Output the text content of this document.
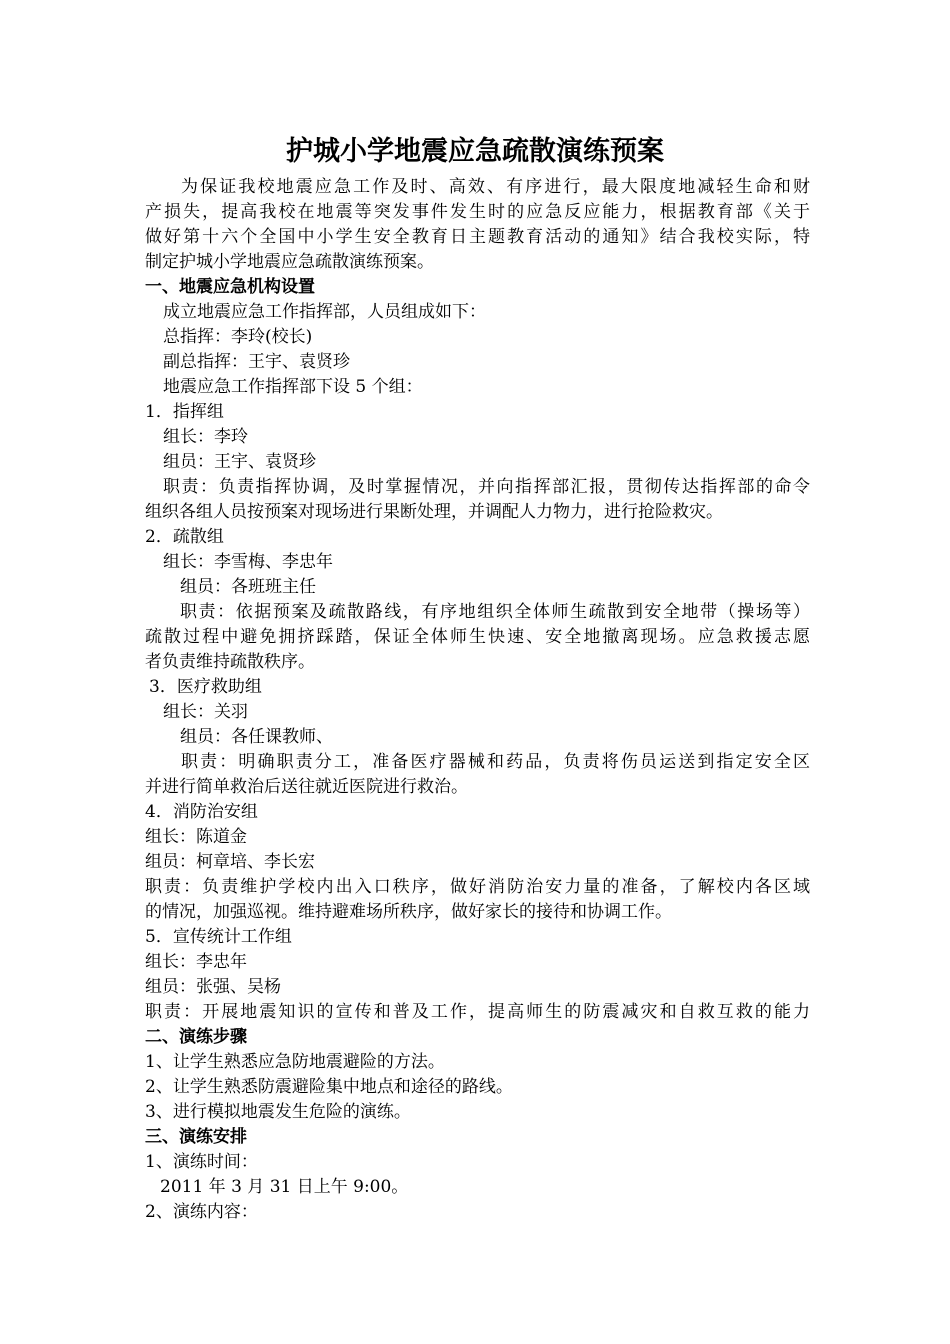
护城小学地震应急疏散演练预案
为保证我校地震应急工作及时、高效、有序进行，最大限度地减轻生命和财
产损失，提高我校在地震等突发事件发生时的应急反应能力，根据教育部《关于
做好第十六个全国中小学生安全教育日主题教育活动的通知》结合我校实际，特
制定护城小学地震应急疏散演练预案。
一、地震应急机构设置
成立地震应急工作指挥部，人员组成如下：
总指挥：李玲(校长)
副总指挥：王宇、袁贤珍
地震应急工作指挥部下设 5 个组：
1．指挥组
组长：李玲
组员：王宇、袁贤珍
职责：负责指挥协调，及时掌握情况，并向指挥部汇报，贯彻传达指挥部的命令
组织各组人员按预案对现场进行果断处理，并调配人力物力，进行抢险救灾。
2．疏散组
组长：李雪梅、李忠年
组员：各班班主任
职责：依据预案及疏散路线，有序地组织全体师生疏散到安全地带（操场等）
疏散过程中避免拥挤踩踏，保证全体师生快速、安全地撤离现场。应急救援志愿
者负责维持疏散秩序。
3．医疗救助组
组长：关羽
组员：各任课教师、
职责：明确职责分工，准备医疗器械和药品，负责将伤员运送到指定安全区
并进行简单救治后送往就近医院进行救治。
4．消防治安组
组长：陈道金
组员：柯章培、李长宏
职责：负责维护学校内出入口秩序，做好消防治安力量的准备，了解校内各区域
的情况，加强巡视。维持避难场所秩序，做好家长的接待和协调工作。
5．宣传统计工作组
组长：李忠年
组员：张强、吴杨
职责：开展地震知识的宣传和普及工作，提高师生的防震减灾和自救互救的能力
二、演练步骤
1、让学生熟悉应急防地震避险的方法。
2、让学生熟悉防震避险集中地点和途径的路线。
3、进行模拟地震发生危险的演练。
三、演练安排
1、演练时间：
2011 年 3 月 31 日上午 9:00。
2、演练内容：
